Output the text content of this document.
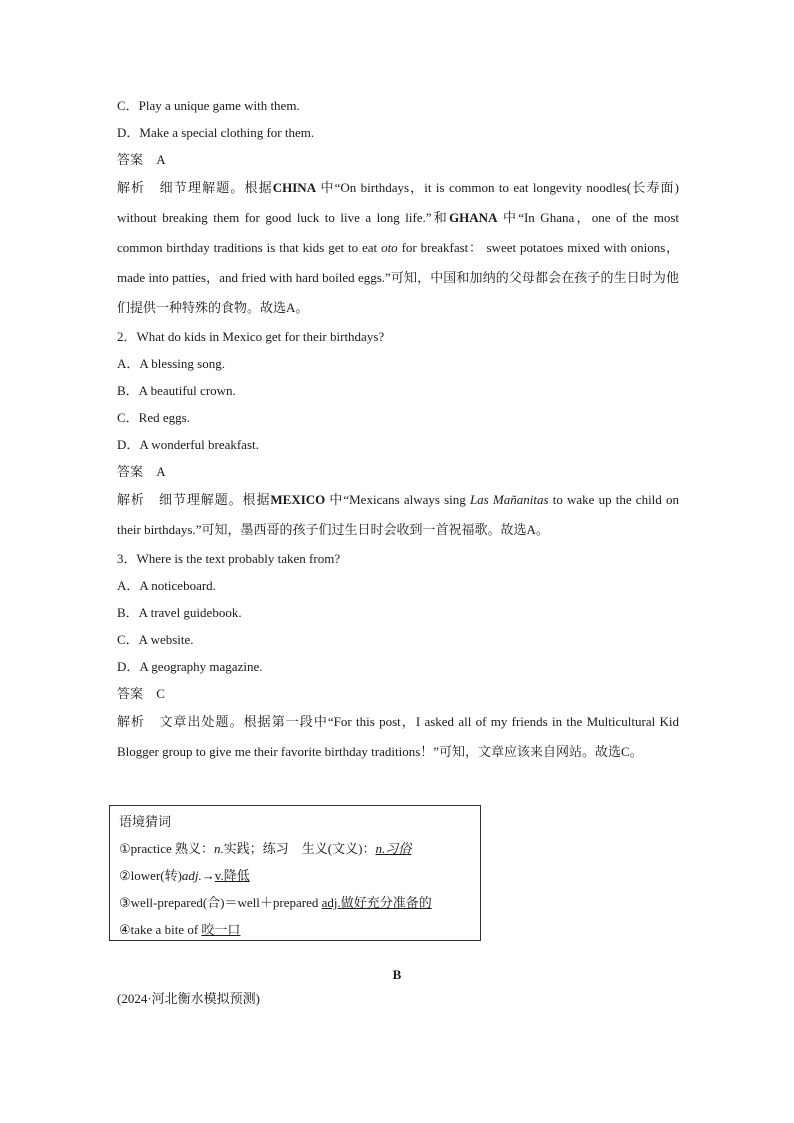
C．Play a unique game with them.

D．Make a special clothing for them.

答案 A

解析 细节理解题。根据CHINA 中“On birthdays，it is common to eat longevity noodles(长寿面) without breaking them for good luck to live a long life.”和GHANA 中“In Ghana，one of the most common birthday traditions is that kids get to eat oto for breakfast： sweet potatoes mixed with onions，made into patties，and fried with hard boiled eggs.”可知，中国和加纳的父母都会在孩子的生日时为他们提供一种特殊的食物。故选A。

2．What do kids in Mexico get for their birthdays?

A．A blessing song.

B．A beautiful crown.

C．Red eggs.

D．A wonderful breakfast.

答案 A

解析 细节理解题。根据MEXICO 中“Mexicans always sing Las Mañanitas to wake up the child on their birthdays.”可知，墨西哥的孩子们过生日时会收到一首祝福歌。故选A。

3．Where is the text probably taken from?

A．A noticeboard.

B．A travel guidebook.

C．A website.

D．A geography magazine.

答案 C

解析 文章出处题。根据第一段中“For this post，I asked all of my friends in the Multicultural Kid Blogger group to give me their favorite birthday traditions！”可知，文章应该来自网站。故选C。

语境猜词

①practice 熟义：n.实践；练习　生义(文义)：n.习俗

②lower(转)adj.→v.降低

③well-prepared(合)＝well＋prepared adj.做好充分准备的

④take a bite of 咬一口

B
(2024·河北衡水模拟预测)
